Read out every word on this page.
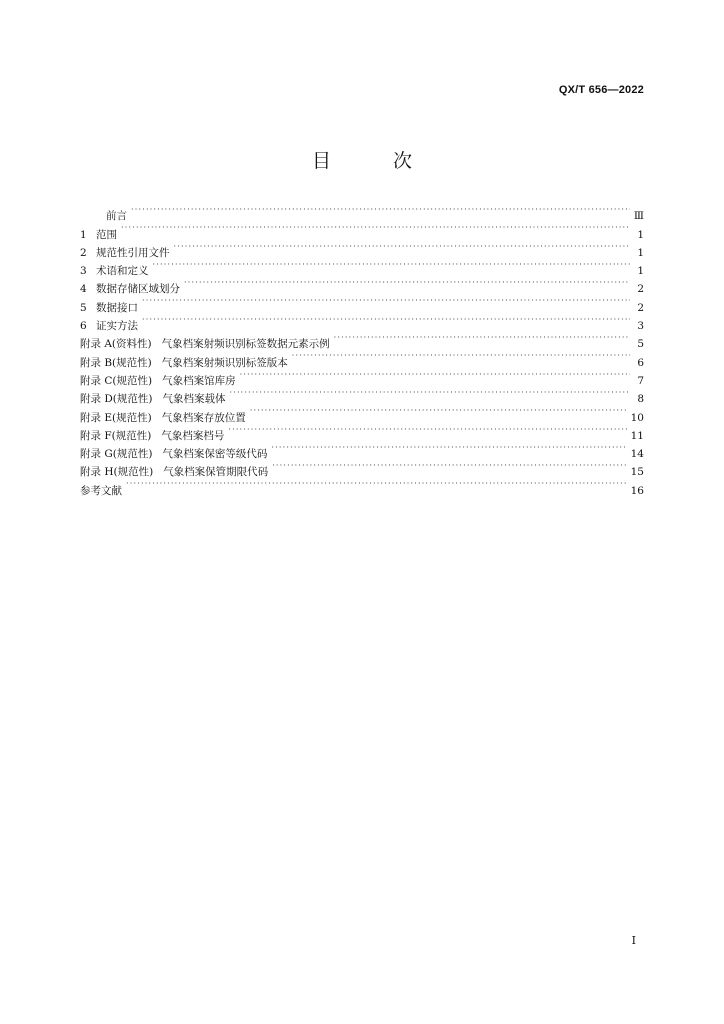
QX/T 656—2022
目 次
前言 ·····	Ⅲ
1 范围 ·····	1
2 规范性引用文件 ·····	1
3 术语和定义 ·····	1
4 数据存储区域划分 ·····	2
5 数据接口 ·····	2
6 证实方法 ·····	3
附录 A(资料性) 气象档案射频识别标签数据元素示例 ·····	5
附录 B(规范性) 气象档案射频识别标签版本 ·····	6
附录 C(规范性) 气象档案馆库房 ·····	7
附录 D(规范性) 气象档案载体 ·····	8
附录 E(规范性) 气象档案存放位置 ·····	10
附录 F(规范性) 气象档案档号 ·····	11
附录 G(规范性) 气象档案保密等级代码 ·····	14
附录 H(规范性) 气象档案保管期限代码 ·····	15
参考文献 ·····	16
Ⅰ
